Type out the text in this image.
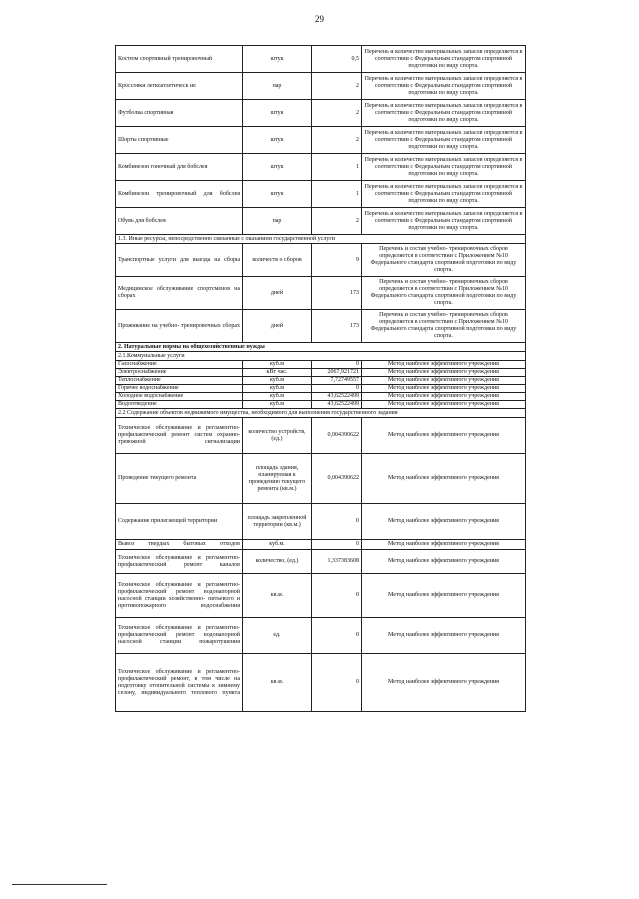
29
Костюм спортивный тренировочный	штук	0,5	Перечень и количество материальных запасов определяется в соответствии с Федеральным стандартом спортивной подготовки по виду спорта.
Кроссовки легкоатлетическ ие	пар	2	Перечень и количество материальных запасов определяется в соответствии с Федеральным стандартом спортивной подготовки по виду спорта.
Футболка спортивная	штук	2	Перечень и количество материальных запасов определяется в соответствии с Федеральным стандартом спортивной подготовки по виду спорта.
Шорты спортивные	штук	2	Перечень и количество материальных запасов определяется в соответствии с Федеральным стандартом спортивной подготовки по виду спорта.
Комбинезон гоночный для бобслея	штук	1	Перечень и количество материальных запасов определяется в соответствии с Федеральным стандартом спортивной подготовки по виду спорта.
Комбинезон тренировочный для бобслея	штук	1	Перечень и количество материальных запасов определяется в соответствии с Федеральным стандартом спортивной подготовки по виду спорта.
Обувь для бобслея	пар	2	Перечень и количество материальных запасов определяется в соответствии с Федеральным стандартом спортивной подготовки по виду спорта.
1.3. Иные ресурсы, непосредственно связанные с оказанием государственной услуги			
Транспортные услуги для выезда на сборы	количеств о сборов	9	Перечень и состав учебно- тренировочных сборов определяется в соответствии с Приложением №10 Федерального стандарта спортивной подготовки по виду спорта.
Медицинское обслуживание спортсменов на сборах	дней	173	Перечень и состав учебно- тренировочных сборов определяется в соответствии с Приложением №10 Федерального стандарта спортивной подготовки по виду спорта.
Проживание на учебно- тренировочных сборах	дней	173	Перечень и состав учебно- тренировочных сборов определяется в соответствии с Приложением №10 Федерального стандарта спортивной подготовки по виду спорта.
2. Натуральные нормы на общехозяйственные нужды			
2.1.Коммунальные услуги			
Газоснабжение	куб.м	0	Метод наиболее эффективного учреждения
Электроснабжение	кВт час.	2067,921721	Метод наиболее эффективного учреждения
Теплоснабжение	куб.м	7,72749557	Метод наиболее эффективного учреждения
Горячее водоснабжение	куб.м	0	Метод наиболее эффективного учреждения
Холодное водоснабжение	куб.м	43,62522499	Метод наиболее эффективного учреждения
Водоотведение	куб.м	43,62522499	Метод наиболее эффективного учреждения
2.2 Содержание объектов недвижимого имущества, необходимого для выполнения государственного задания			
Техническое обслуживание и регламентно- профилактический ремонт систем охранно-тревожной сигнализации	количество устройств, (ед.)	0,004390622	Метод наиболее эффективного учреждения
Проведение текущего ремонта	площадь здания, планируемая к проведению текущего ремонта (кв.м.)	0,004390622	Метод наиболее эффективного учреждения
Содержание прилегающей территории	площадь закрепленной территории (кв.м.)	0	Метод наиболее эффективного учреждения
Вывоз твердых бытовых отходов	куб.м.	0	Метод наиболее эффективного учреждения
Техническое обслуживание и регламентно- профилактический ремонт каналов	количество, (ед.)	1,337383608	Метод наиболее эффективного учреждения
Техническое обслуживание и регламентно- профилактический ремонт водонапорной насосной станции хозяйственно- питьевого и противопожарного водоснабжения	кв.м.	0	Метод наиболее эффективного учреждения
Техническое обслуживание и регламентно- профилактический ремонт водонапорной насосной станции пожаротушения	ед.	0	Метод наиболее эффективного учреждения
Техническое обслуживание и регламентно- профилактический ремонт, в том числе на подготовку отопительной системы к зимнему сезону, индивидуального теплового пункта	кв.м.	0	Метод наиболее эффективного учреждения
